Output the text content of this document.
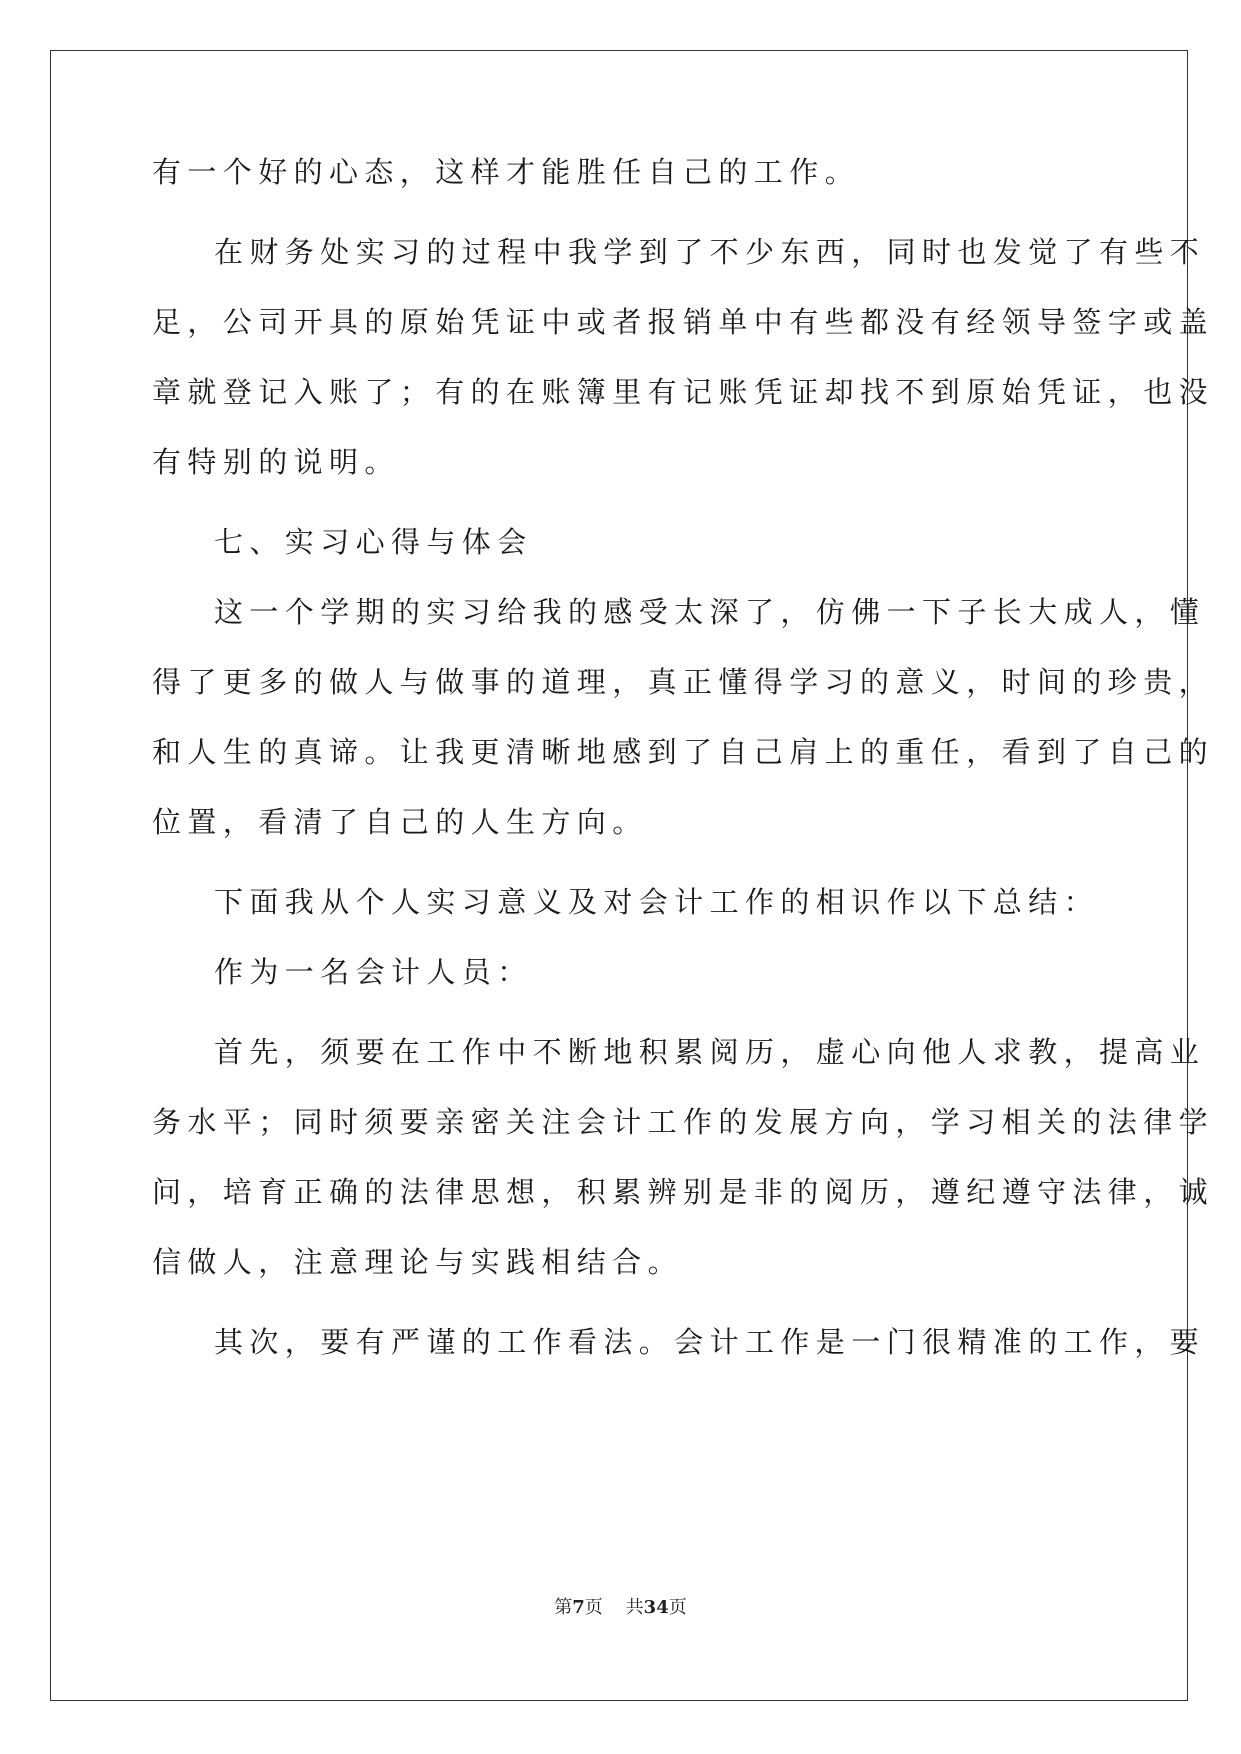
有一个好的心态，这样才能胜任自己的工作。
在财务处实习的过程中我学到了不少东西，同时也发觉了有些不
足，公司开具的原始凭证中或者报销单中有些都没有经领导签字或盖
章就登记入账了；有的在账簿里有记账凭证却找不到原始凭证，也没
有特别的说明。
七、实习心得与体会
这一个学期的实习给我的感受太深了，仿佛一下子长大成人，懂
得了更多的做人与做事的道理，真正懂得学习的意义，时间的珍贵，
和人生的真谛。让我更清晰地感到了自己肩上的重任，看到了自己的
位置，看清了自己的人生方向。
下面我从个人实习意义及对会计工作的相识作以下总结：
作为一名会计人员：
首先，须要在工作中不断地积累阅历，虚心向他人求教，提高业
务水平；同时须要亲密关注会计工作的发展方向，学习相关的法律学
问，培育正确的法律思想，积累辨别是非的阅历，遵纪遵守法律，诚
信做人，注意理论与实践相结合。
其次，要有严谨的工作看法。会计工作是一门很精准的工作，要
第7页 共34页
